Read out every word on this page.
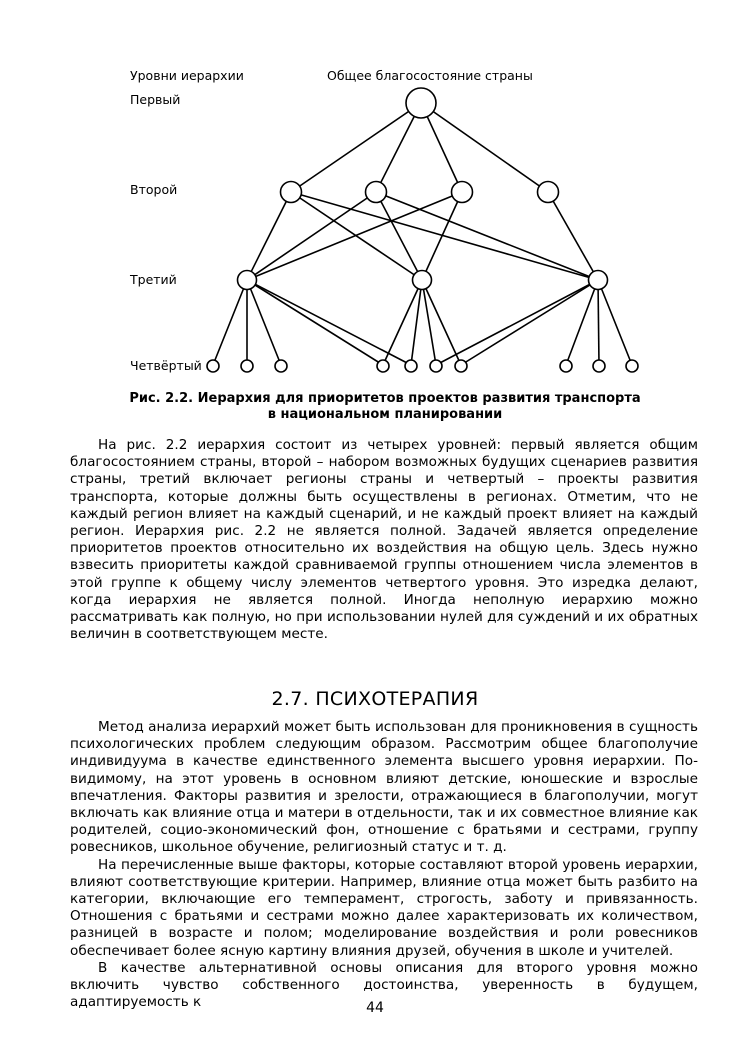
Уровни иерархии	Общее благосостояние страны
Первый
Второй
Третий
Четвёртый
Рис. 2.2. Иерархия для приоритетов проектов развития транспорта
в национальном планировании

На рис. 2.2 иерархия состоит из четырех уровней: первый является общим благосостоянием страны, второй – набором возможных будущих сценариев развития страны, третий включает регионы страны и четвертый – проекты развития транспорта, которые должны быть осуществлены в регионах. Отметим, что не каждый регион влияет на каждый сценарий, и не каждый проект влияет на каждый регион. Иерархия рис. 2.2 не является полной. Задачей является определение приоритетов проектов относительно их воздействия на общую цель. Здесь нужно взвесить приоритеты каждой сравниваемой группы отношением числа элементов в этой группе к общему числу элементов четвертого уровня. Это изредка делают, когда иерархия не является полной. Иногда неполную иерархию можно рассматривать как полную, но при использовании нулей для суждений и их обратных величин в соответствующем месте.

2.7. ПСИХОТЕРАПИЯ

Метод анализа иерархий может быть использован для проникновения в сущность психологических проблем следующим образом. Рассмотрим общее благополучие индивидуума в качестве единственного элемента высшего уровня иерархии. По-видимому, на этот уровень в основном влияют детские, юношеские и взрослые впечатления. Факторы развития и зрелости, отражающиеся в благополучии, могут включать как влияние отца и матери в отдельности, так и их совместное влияние как родителей, социо-экономический фон, отношение с братьями и сестрами, группу ровесников, школьное обучение, религиозный статус и т. д.

На перечисленные выше факторы, которые составляют второй уровень иерархии, влияют соответствующие критерии. Например, влияние отца может быть разбито на категории, включающие его темперамент, строгость, заботу и привязанность. Отношения с братьями и сестрами можно далее характеризовать их количеством, разницей в возрасте и полом; моделирование воздействия и роли ровесников обеспечивает более ясную картину влияния друзей, обучения в школе и учителей.

В качестве альтернативной основы описания для второго уровня можно включить чувство собственного достоинства, уверенность в будущем, адаптируемость к	44
